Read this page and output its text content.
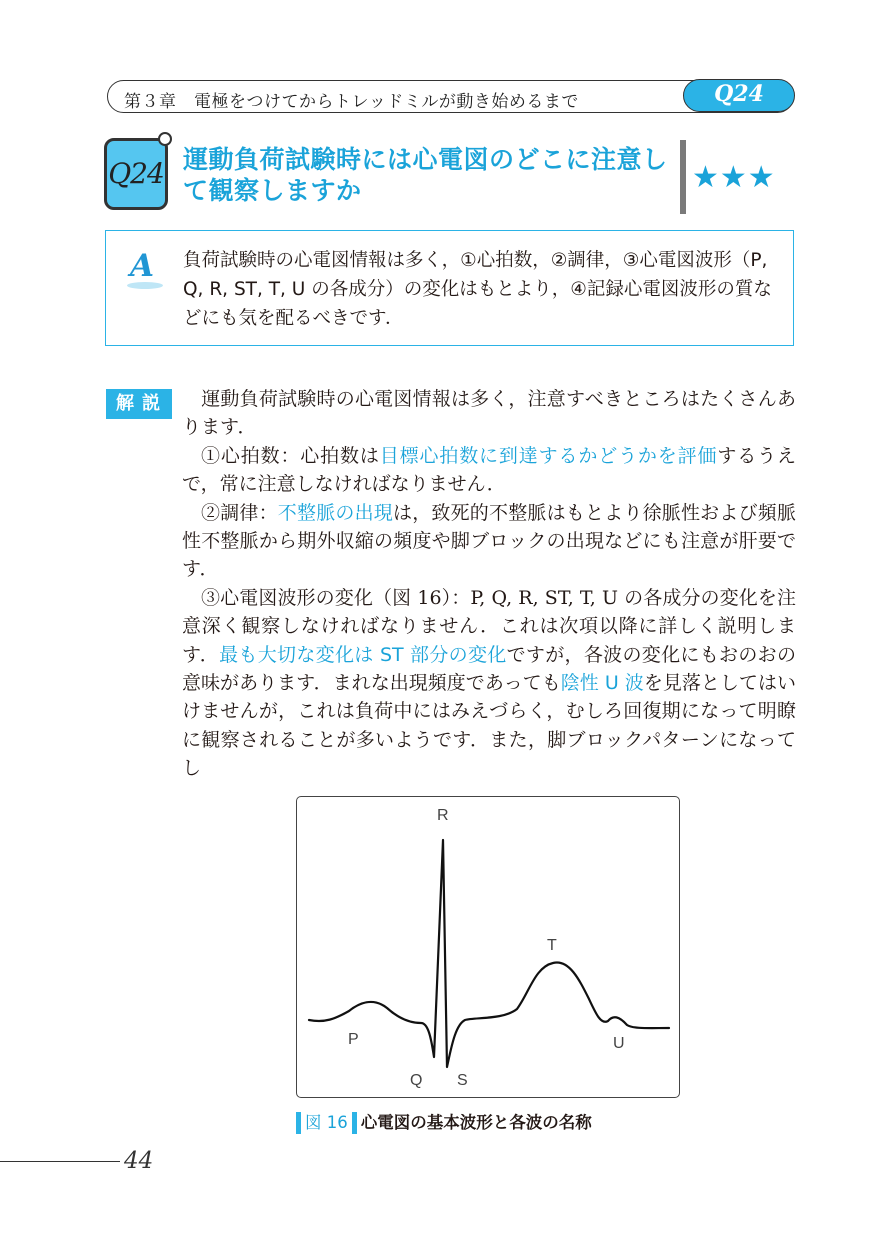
第３章　電極をつけてからトレッドミルが動き始めるまで	Q24
Q24 運動負荷試験時には心電図のどこに注意して観察しますか	★★★
A 負荷試験時の心電図情報は多く，①心拍数，②調律，③心電図波形（P, Q, R, ST, T, U の各成分）の変化はもとより，④記録心電図波形の質などにも気を配るべきです．
解説

　	運動負荷試験時の心電図情報は多く，注意すべきところはたくさんあります．

①心拍数：心拍数は目標心拍数に到達するかどうかを評価するうえで，常に注意しなければなりません．

②調律：不整脈の出現は，致死的不整脈はもとより徐脈性および頻脈性不整脈から期外収縮の頻度や脚ブロックの出現などにも注意が肝要です．

③心電図波形の変化（図 16）：P, Q, R, ST, T, U の各成分の変化を注意深く観察しなければなりません．これは次項以降に詳しく説明します．最も大切な変化は ST 部分の変化ですが，各波の変化にもおのおの意味があります．まれな出現頻度であっても陰性 U 波を見落としてはいけませんが，これは負荷中にはみえづらく，むしろ回復期になって明瞭に観察されることが多いようです．また，脚ブロックパターンになってし

R
T
P	U
Q S
図 16 心電図の基本波形と各波の名称
44
